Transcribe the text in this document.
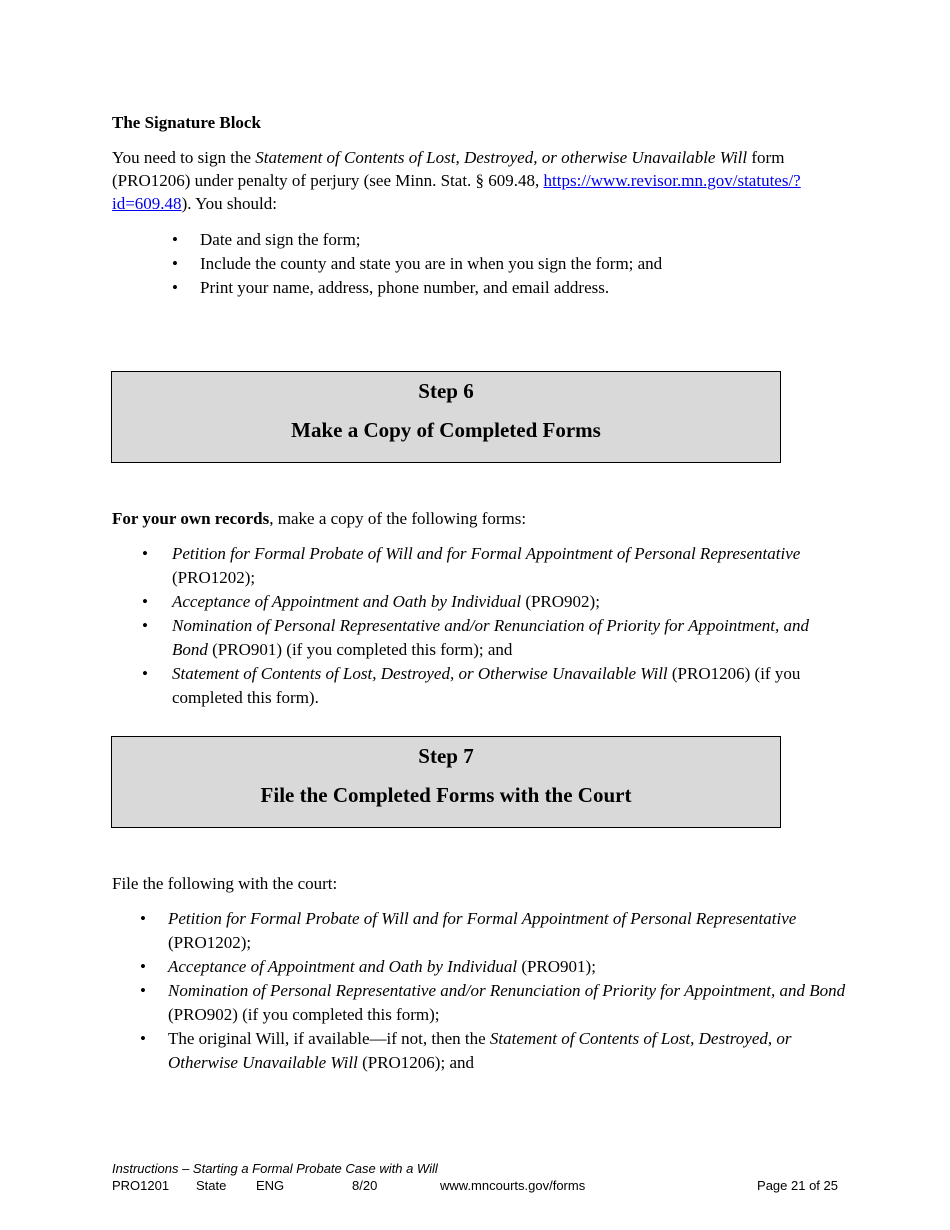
The Signature Block
You need to sign the Statement of Contents of Lost, Destroyed, or otherwise Unavailable Will form (PRO1206) under penalty of perjury (see Minn. Stat. § 609.48, https://www.revisor.mn.gov/statutes/?id=609.48). You should:
• Date and sign the form;
• Include the county and state you are in when you sign the form; and
• Print your name, address, phone number, and email address.
Step 6
Make a Copy of Completed Forms
For your own records, make a copy of the following forms:
• Petition for Formal Probate of Will and for Formal Appointment of Personal Representative (PRO1202);
• Acceptance of Appointment and Oath by Individual (PRO902);
• Nomination of Personal Representative and/or Renunciation of Priority for Appointment, and Bond (PRO901) (if you completed this form); and
• Statement of Contents of Lost, Destroyed, or Otherwise Unavailable Will (PRO1206) (if you completed this form).
Step 7
File the Completed Forms with the Court
File the following with the court:
• Petition for Formal Probate of Will and for Formal Appointment of Personal Representative (PRO1202);
• Acceptance of Appointment and Oath by Individual (PRO901);
• Nomination of Personal Representative and/or Renunciation of Priority for Appointment, and Bond (PRO902) (if you completed this form);
• The original Will, if available—if not, then the Statement of Contents of Lost, Destroyed, or Otherwise Unavailable Will (PRO1206); and
Instructions – Starting a Formal Probate Case with a Will
PRO1201 State ENG	8/20	www.mncourts.gov/forms	Page 21 of 25
